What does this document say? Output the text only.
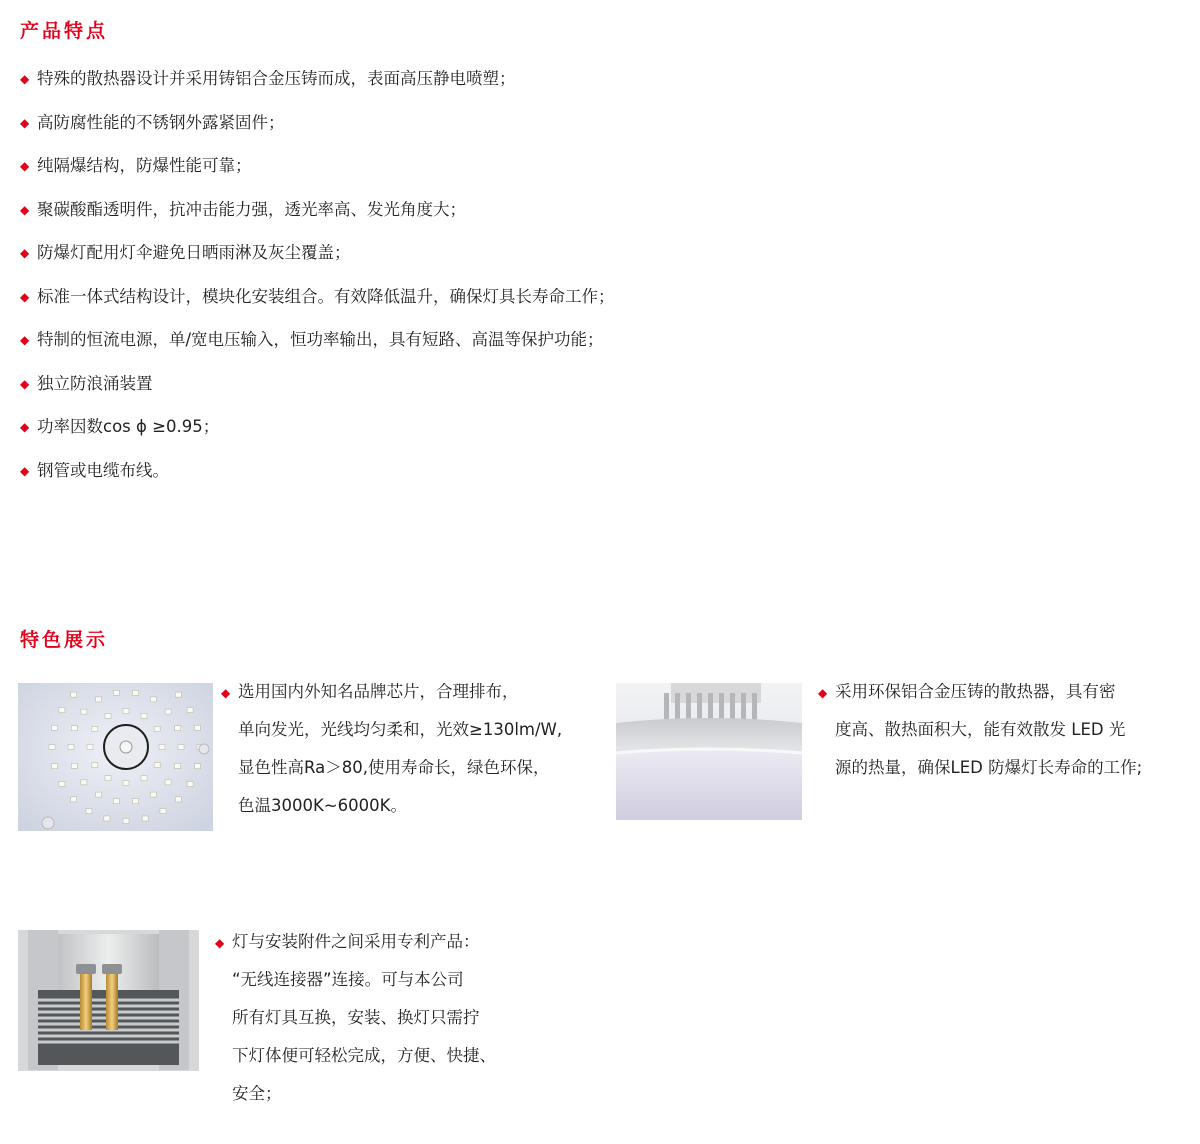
产品特点
◆ 特殊的散热器设计并采用铸铝合金压铸而成，表面高压静电喷塑；
◆ 高防腐性能的不锈钢外露紧固件；
◆ 纯隔爆结构，防爆性能可靠；
◆ 聚碳酸酯透明件，抗冲击能力强，透光率高、发光角度大；
◆ 防爆灯配用灯伞避免日晒雨淋及灰尘覆盖；
◆ 标准一体式结构设计，模块化安装组合。有效降低温升，确保灯具长寿命工作；
◆ 特制的恒流电源，单/宽电压输入，恒功率输出，具有短路、高温等保护功能；
◆ 独立防浪涌装置
◆ 功率因数cos ϕ ≥0.95；
◆ 钢管或电缆布线。
特色展示
◆ 选用国内外知名品牌芯片，合理排布，
单向发光，光线均匀柔和，光效≥130lm/W,
显色性高Ra＞80,使用寿命长，绿色环保，
色温3000K~6000K。
◆ 采用环保铝合金压铸的散热器，具有密
度高、散热面积大，能有效散发 LED 光
源的热量，确保LED 防爆灯长寿命的工作;
◆ 灯与安装附件之间采用专利产品：
“无线连接器”连接。可与本公司
所有灯具互换，安装、换灯只需拧
下灯体便可轻松完成，方便、快捷、
安全；
